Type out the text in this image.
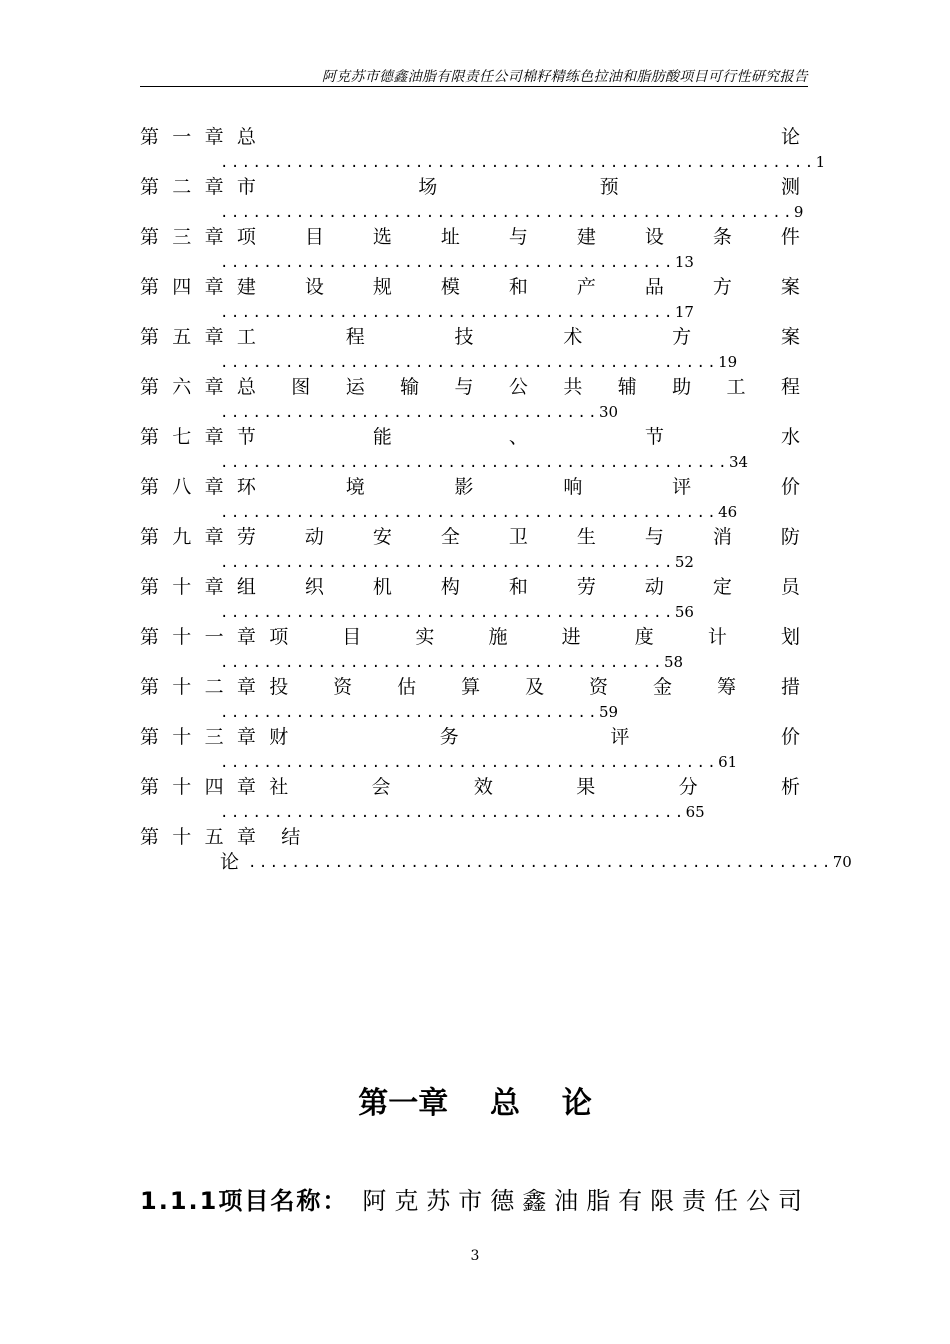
阿克苏市德鑫油脂有限责任公司棉籽精练色拉油和脂肪酸项目可行性研究报告
第 一 章 总	论
.......................................................1
第 二 章 市	场	预	测
.....................................................9
第 三 章 项	目	选	址	与	建	设	条	件
..........................................13
第 四 章 建	设	规	模	和	产	品	方	案
..........................................17
第 五 章 工	程	技	术	方	案
..............................................19
第 六 章 总 图 运 输 与 公 共 辅 助 工 程
...................................30
第 七 章 节	能	、	节	水
...............................................34
第 八 章 环	境	影	响	评	价
..............................................46
第 九 章 劳	动	安	全	卫	生	与	消	防
..........................................52
第 十 章 组	织	机	构	和	劳	动	定	员
..........................................56
第 十 一 章 项	目	实	施	进	度	计	划
.........................................58
第 十 二 章 投 资 估 算 及 资 金 筹 措
...................................59
第 十 三 章 财	务	评	价
..............................................61
第 十 四 章 社	会	效	果	分	析
...........................................65
第 十 五 章	结
论 ......................................................70
第一章    总    论
1.1.1项目名称： 阿 克 苏 市 德 鑫 油 脂 有 限 责 任 公 司
3
